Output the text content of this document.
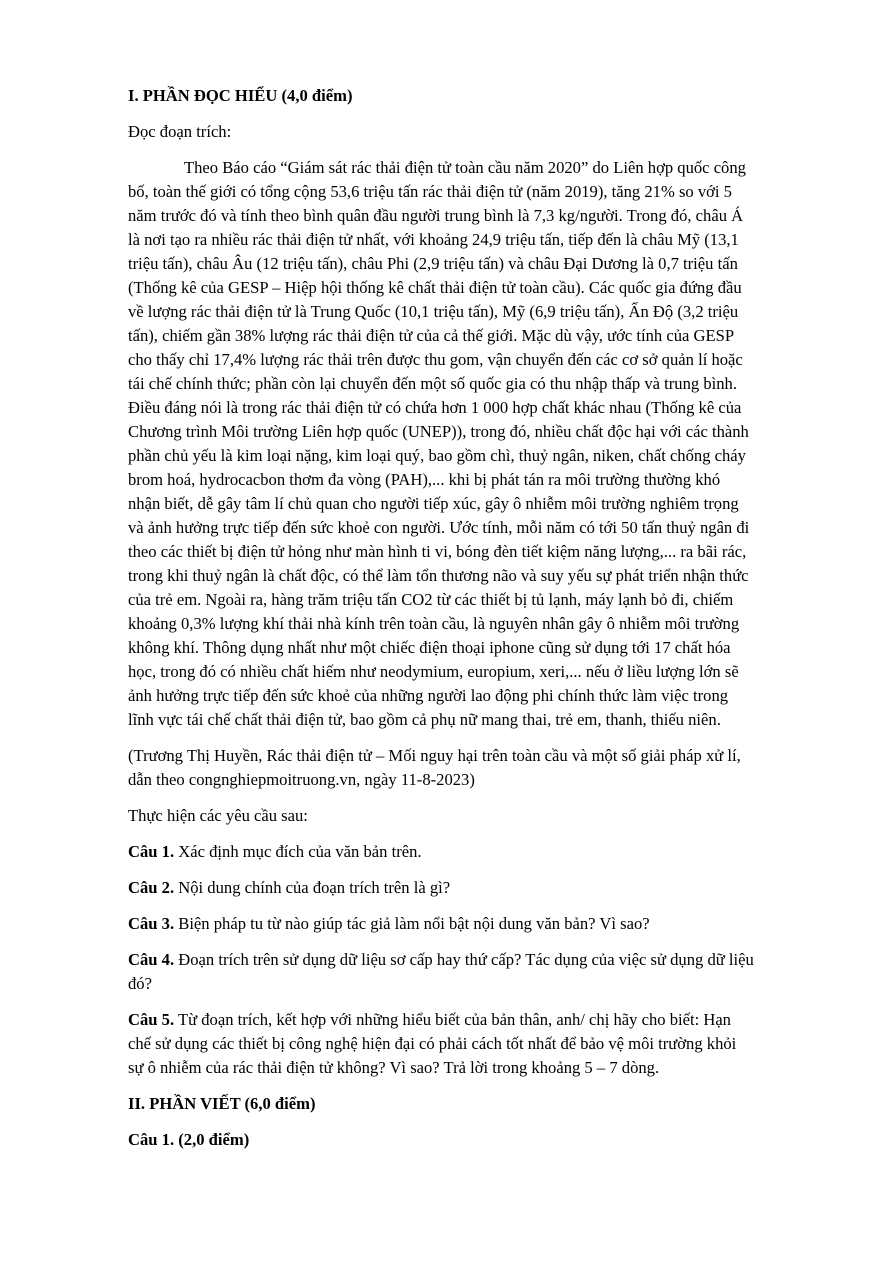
I. PHẦN ĐỌC HIỂU (4,0 điểm)
Đọc đoạn trích:
Theo Báo cáo “Giám sát rác thải điện tử toàn cầu năm 2020” do Liên hợp quốc công
bố, toàn thế giới có tổng cộng 53,6 triệu tấn rác thải điện tử (năm 2019), tăng 21% so với 5
năm trước đó và tính theo bình quân đầu người trung bình là 7,3 kg/người. Trong đó, châu Á
là nơi tạo ra nhiều rác thải điện tử nhất, với khoảng 24,9 triệu tấn, tiếp đến là châu Mỹ (13,1
triệu tấn), châu Âu (12 triệu tấn), châu Phi (2,9 triệu tấn) và châu Đại Dương là 0,7 triệu tấn
(Thống kê của GESP – Hiệp hội thống kê chất thải điện tử toàn cầu). Các quốc gia đứng đầu
về lượng rác thải điện tử là Trung Quốc (10,1 triệu tấn), Mỹ (6,9 triệu tấn), Ấn Độ (3,2 triệu
tấn), chiếm gần 38% lượng rác thải điện tử của cả thế giới. Mặc dù vậy, ước tính của GESP
cho thấy chỉ 17,4% lượng rác thải trên được thu gom, vận chuyển đến các cơ sở quản lí hoặc
tái chế chính thức; phần còn lại chuyển đến một số quốc gia có thu nhập thấp và trung bình.
Điều đáng nói là trong rác thải điện tử có chứa hơn 1 000 hợp chất khác nhau (Thống kê của
Chương trình Môi trường Liên hợp quốc (UNEP)), trong đó, nhiều chất độc hại với các thành
phần chủ yếu là kim loại nặng, kim loại quý, bao gồm chì, thuỷ ngân, niken, chất chống cháy
brom hoá, hydrocacbon thơm đa vòng (PAH),... khi bị phát tán ra môi trường thường khó
nhận biết, dễ gây tâm lí chủ quan cho người tiếp xúc, gây ô nhiễm môi trường nghiêm trọng
và ảnh hưởng trực tiếp đến sức khoẻ con người. Ước tính, mỗi năm có tới 50 tấn thuỷ ngân đi
theo các thiết bị điện tử hỏng như màn hình ti vi, bóng đèn tiết kiệm năng lượng,... ra bãi rác,
trong khi thuỷ ngân là chất độc, có thể làm tổn thương não và suy yếu sự phát triển nhận thức
của trẻ em. Ngoài ra, hàng trăm triệu tấn CO2 từ các thiết bị tủ lạnh, máy lạnh bỏ đi, chiếm
khoảng 0,3% lượng khí thải nhà kính trên toàn cầu, là nguyên nhân gây ô nhiễm môi trường
không khí. Thông dụng nhất như một chiếc điện thoại iphone cũng sử dụng tới 17 chất hóa
học, trong đó có nhiều chất hiếm như neodymium, europium, xeri,... nếu ở liều lượng lớn sẽ
ảnh hưởng trực tiếp đến sức khoẻ của những người lao động phi chính thức làm việc trong
lĩnh vực tái chế chất thải điện tử, bao gồm cả phụ nữ mang thai, trẻ em, thanh, thiếu niên.
(Trương Thị Huyền, Rác thải điện tử – Mối nguy hại trên toàn cầu và một số giải pháp xử lí,
dẫn theo congnghiepmoitruong.vn, ngày 11-8-2023)
Thực hiện các yêu cầu sau:
Câu 1. Xác định mục đích của văn bản trên.
Câu 2. Nội dung chính của đoạn trích trên là gì?
Câu 3. Biện pháp tu từ nào giúp tác giả làm nổi bật nội dung văn bản? Vì sao?
Câu 4. Đoạn trích trên sử dụng dữ liệu sơ cấp hay thứ cấp? Tác dụng của việc sử dụng dữ liệu
đó?
Câu 5. Từ đoạn trích, kết hợp với những hiểu biết của bản thân, anh/ chị hãy cho biết: Hạn
chế sử dụng các thiết bị công nghệ hiện đại có phải cách tốt nhất để bảo vệ môi trường khỏi
sự ô nhiễm của rác thải điện tử không? Vì sao? Trả lời trong khoảng 5 – 7 dòng.
II. PHẦN VIẾT (6,0 điểm)
Câu 1. (2,0 điểm)
